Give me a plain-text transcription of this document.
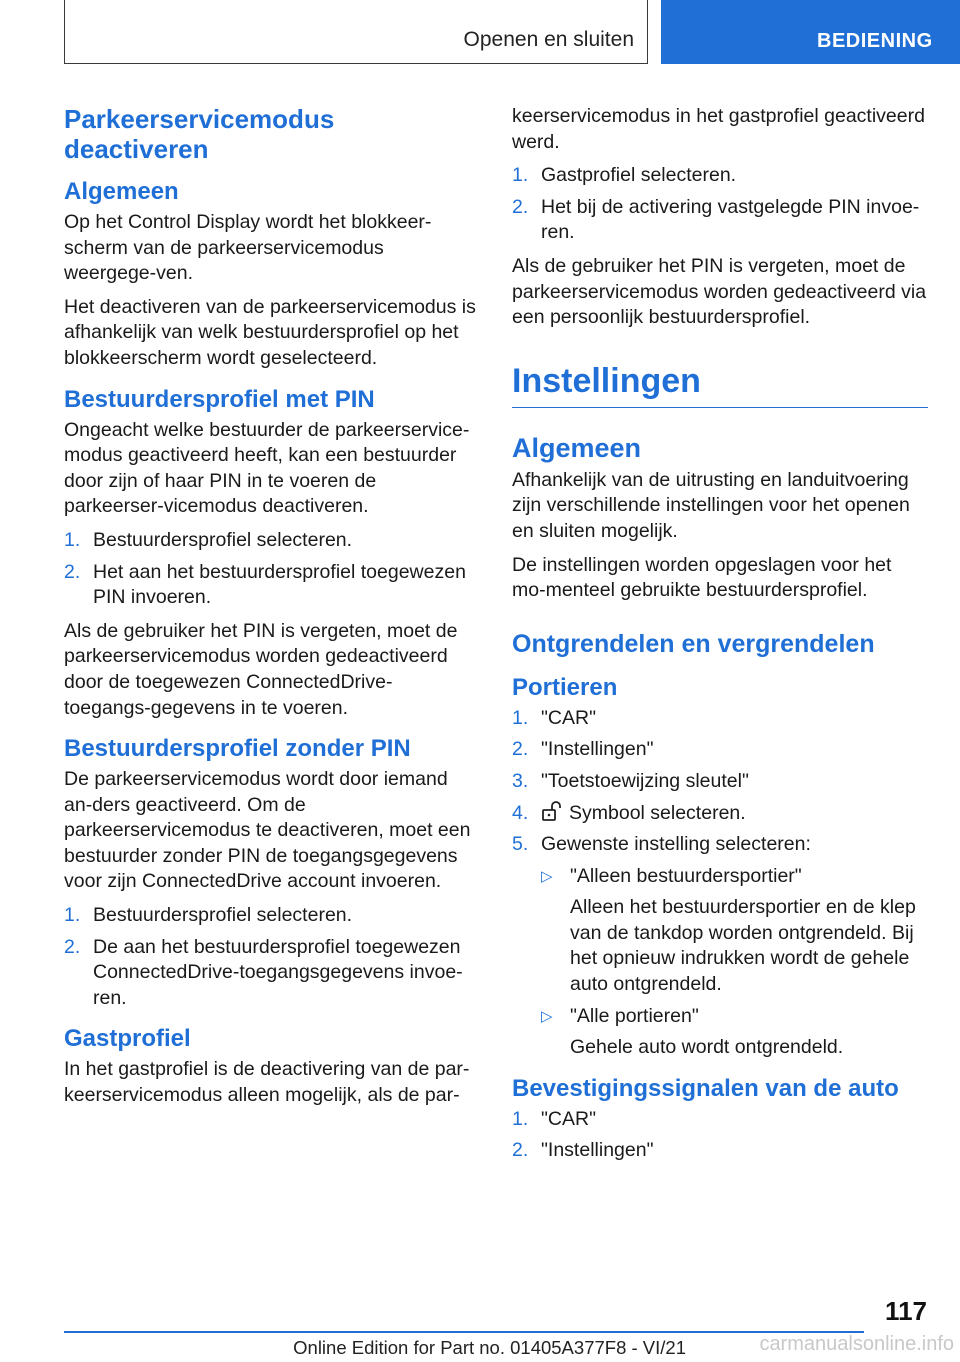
Openen en sluiten	BEDIENING
Parkeerservicemodus deactiveren
Algemeen

Op het Control Display wordt het blokkeer-scherm van de parkeerservicemodus weergege-ven.

Het deactiveren van de parkeerservicemodus is afhankelijk van welk bestuurdersprofiel op het blokkeerscherm wordt geselecteerd.

Bestuurdersprofiel met PIN

Ongeacht welke bestuurder de parkeerservice-modus geactiveerd heeft, kan een bestuurder door zijn of haar PIN in te voeren de parkeerser-vicemodus deactiveren.

1. Bestuurdersprofiel selecteren.
2. Het aan het bestuurdersprofiel toegewezen PIN invoeren.

Als de gebruiker het PIN is vergeten, moet de parkeerservicemodus worden gedeactiveerd door de toegewezen ConnectedDrive-toegangs-gegevens in te voeren.

Bestuurdersprofiel zonder PIN

De parkeerservicemodus wordt door iemand an-ders geactiveerd. Om de parkeerservicemodus te deactiveren, moet een bestuurder zonder PIN de toegangsgegevens voor zijn ConnectedDrive account invoeren.

1. Bestuurdersprofiel selecteren.
2. De aan het bestuurdersprofiel toegewezen ConnectedDrive-toegangsgegevens invoe-ren.
Gastprofiel

In het gastprofiel is de deactivering van de par-keerservicemodus alleen mogelijk, als de par-

keerservicemodus in het gastprofiel geactiveerd werd.

1. Gastprofiel selecteren.
2. Het bij de activering vastgelegde PIN invoe-ren.

Als de gebruiker het PIN is vergeten, moet de parkeerservicemodus worden gedeactiveerd via een persoonlijk bestuurdersprofiel.

Instellingen
Algemeen

Afhankelijk van de uitrusting en landuitvoering zijn verschillende instellingen voor het openen en sluiten mogelijk.

De instellingen worden opgeslagen voor het mo-menteel gebruikte bestuurdersprofiel.

Ontgrendelen en vergrendelen
Portieren
1. "CAR"
2. "Instellingen"
3. "Toetstoewijzing sleutel"
4. Symbool selecteren.
5. Gewenste instelling selecteren:
▷ "Alleen bestuurdersportier"
Alleen het bestuurdersportier en de klep van de tankdop worden ontgrendeld. Bij het opnieuw indrukken wordt de gehele auto ontgrendeld.
▷ "Alle portieren"
Gehele auto wordt ontgrendeld.
Bevestigingssignalen van de auto
1. "CAR"
2. "Instellingen"
117
Online Edition for Part no. 01405A377F8 - VI/21	carmanualsonline.info
